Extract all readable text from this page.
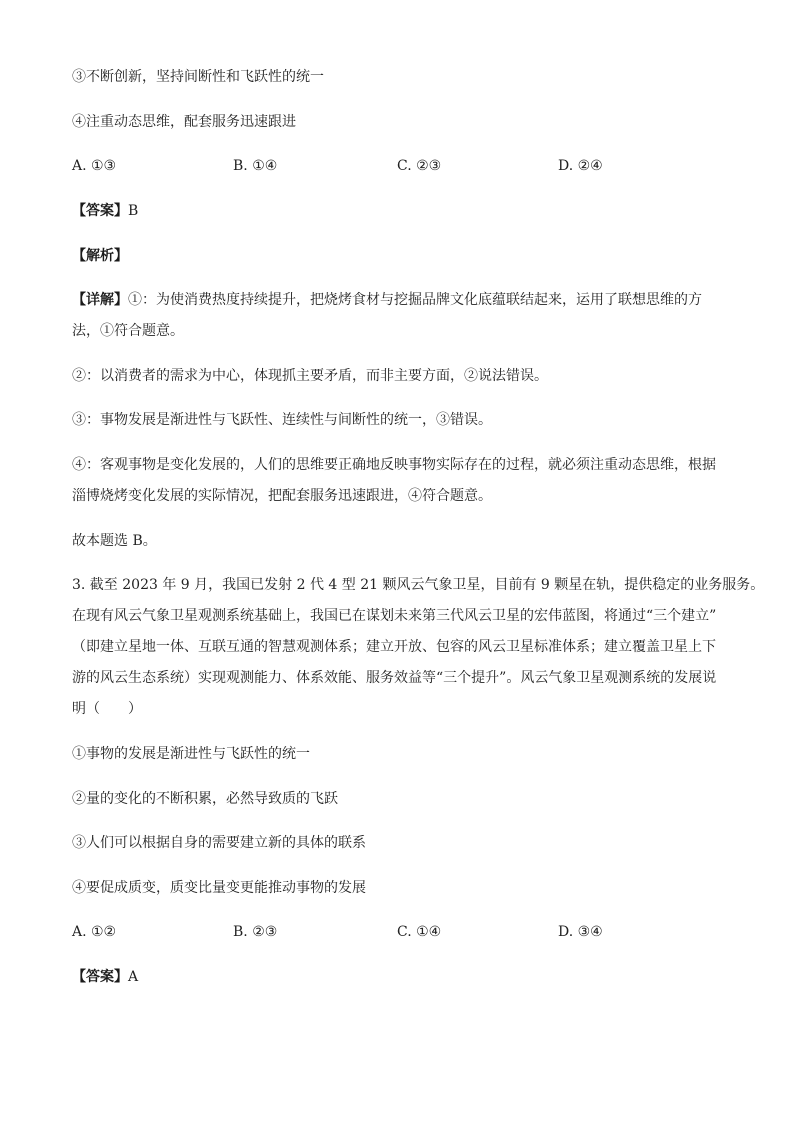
③不断创新，坚持间断性和飞跃性的统一
④注重动态思维，配套服务迅速跟进
A. ①③	B. ①④	C. ②③	D. ②④
【答案】B
【解析】
【详解】①：为使消费热度持续提升，把烧烤食材与挖掘品牌文化底蕴联结起来，运用了联想思维的方
法，①符合题意。
②：以消费者的需求为中心，体现抓主要矛盾，而非主要方面，②说法错误。
③：事物发展是渐进性与飞跃性、连续性与间断性的统一，③错误。
④：客观事物是变化发展的，人们的思维要正确地反映事物实际存在的过程，就必须注重动态思维，根据
淄博烧烤变化发展的实际情况，把配套服务迅速跟进，④符合题意。
故本题选 B。
3. 截至 2023 年 9 月，我国已发射 2 代 4 型 21 颗风云气象卫星，目前有 9 颗星在轨，提供稳定的业务服务。
在现有风云气象卫星观测系统基础上，我国已在谋划未来第三代风云卫星的宏伟蓝图，将通过“三个建立”
（即建立星地一体、互联互通的智慧观测体系；建立开放、包容的风云卫星标准体系；建立覆盖卫星上下
游的风云生态系统）实现观测能力、体系效能、服务效益等“三个提升”。风云气象卫星观测系统的发展说
明（　　）
①事物的发展是渐进性与飞跃性的统一
②量的变化的不断积累，必然导致质的飞跃
③人们可以根据自身的需要建立新的具体的联系
④要促成质变，质变比量变更能推动事物的发展
A. ①②	B. ②③	C. ①④	D. ③④
【答案】A
